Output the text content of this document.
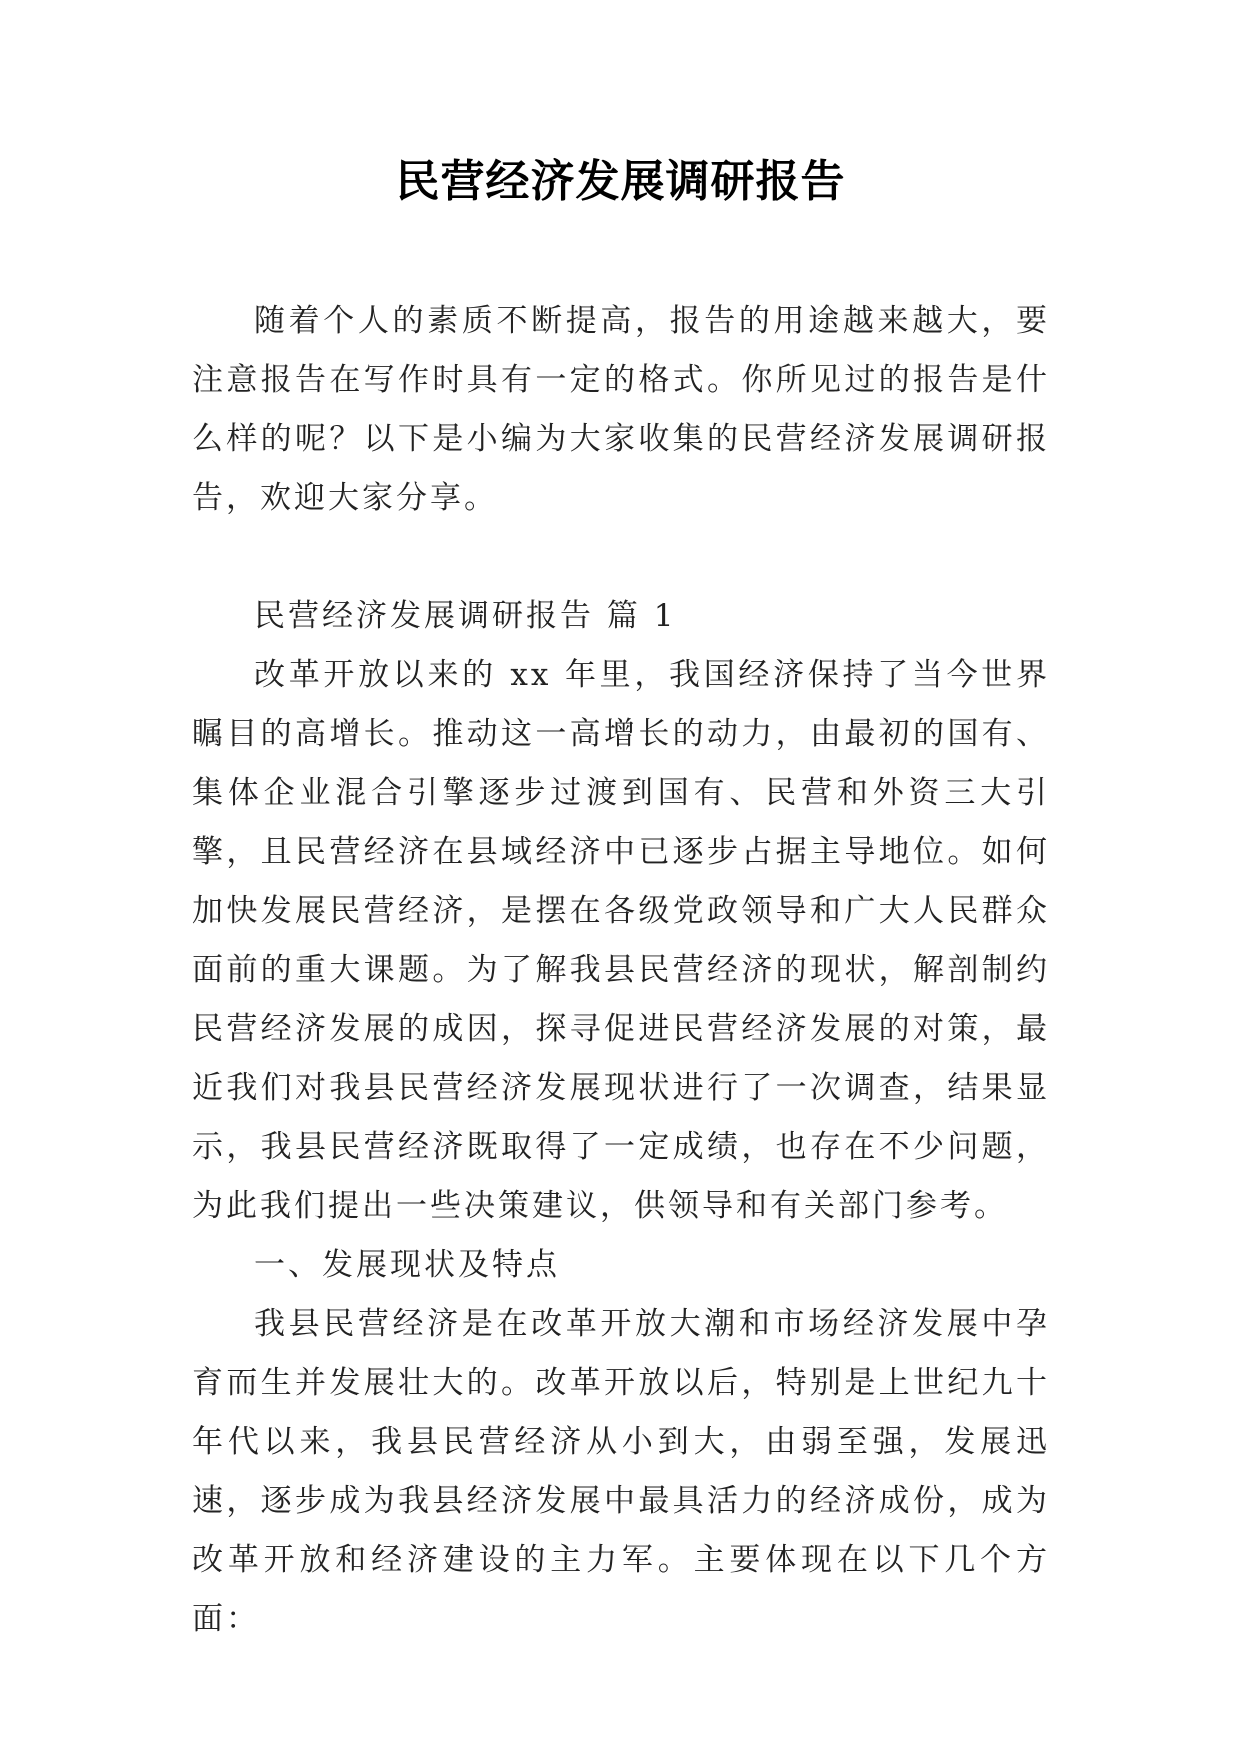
民营经济发展调研报告

随着个人的素质不断提高，报告的用途越来越大，要注意报告在写作时具有一定的格式。你所见过的报告是什么样的呢？以下是小编为大家收集的民营经济发展调研报告，欢迎大家分享。

民营经济发展调研报告 篇 1

改革开放以来的 xx 年里，我国经济保持了当今世界瞩目的高增长。推动这一高增长的动力，由最初的国有、集体企业混合引擎逐步过渡到国有、民营和外资三大引擎，且民营经济在县域经济中已逐步占据主导地位。如何加快发展民营经济，是摆在各级党政领导和广大人民群众面前的重大课题。为了解我县民营经济的现状，解剖制约民营经济发展的成因，探寻促进民营经济发展的对策，最近我们对我县民营经济发展现状进行了一次调查，结果显示，我县民营经济既取得了一定成绩，也存在不少问题，为此我们提出一些决策建议，供领导和有关部门参考。

一、发展现状及特点

我县民营经济是在改革开放大潮和市场经济发展中孕育而生并发展壮大的。改革开放以后，特别是上世纪九十年代以来，我县民营经济从小到大，由弱至强，发展迅速，逐步成为我县经济发展中最具活力的经济成份，成为改革开放和经济建设的主力军。主要体现在以下几个方面：
